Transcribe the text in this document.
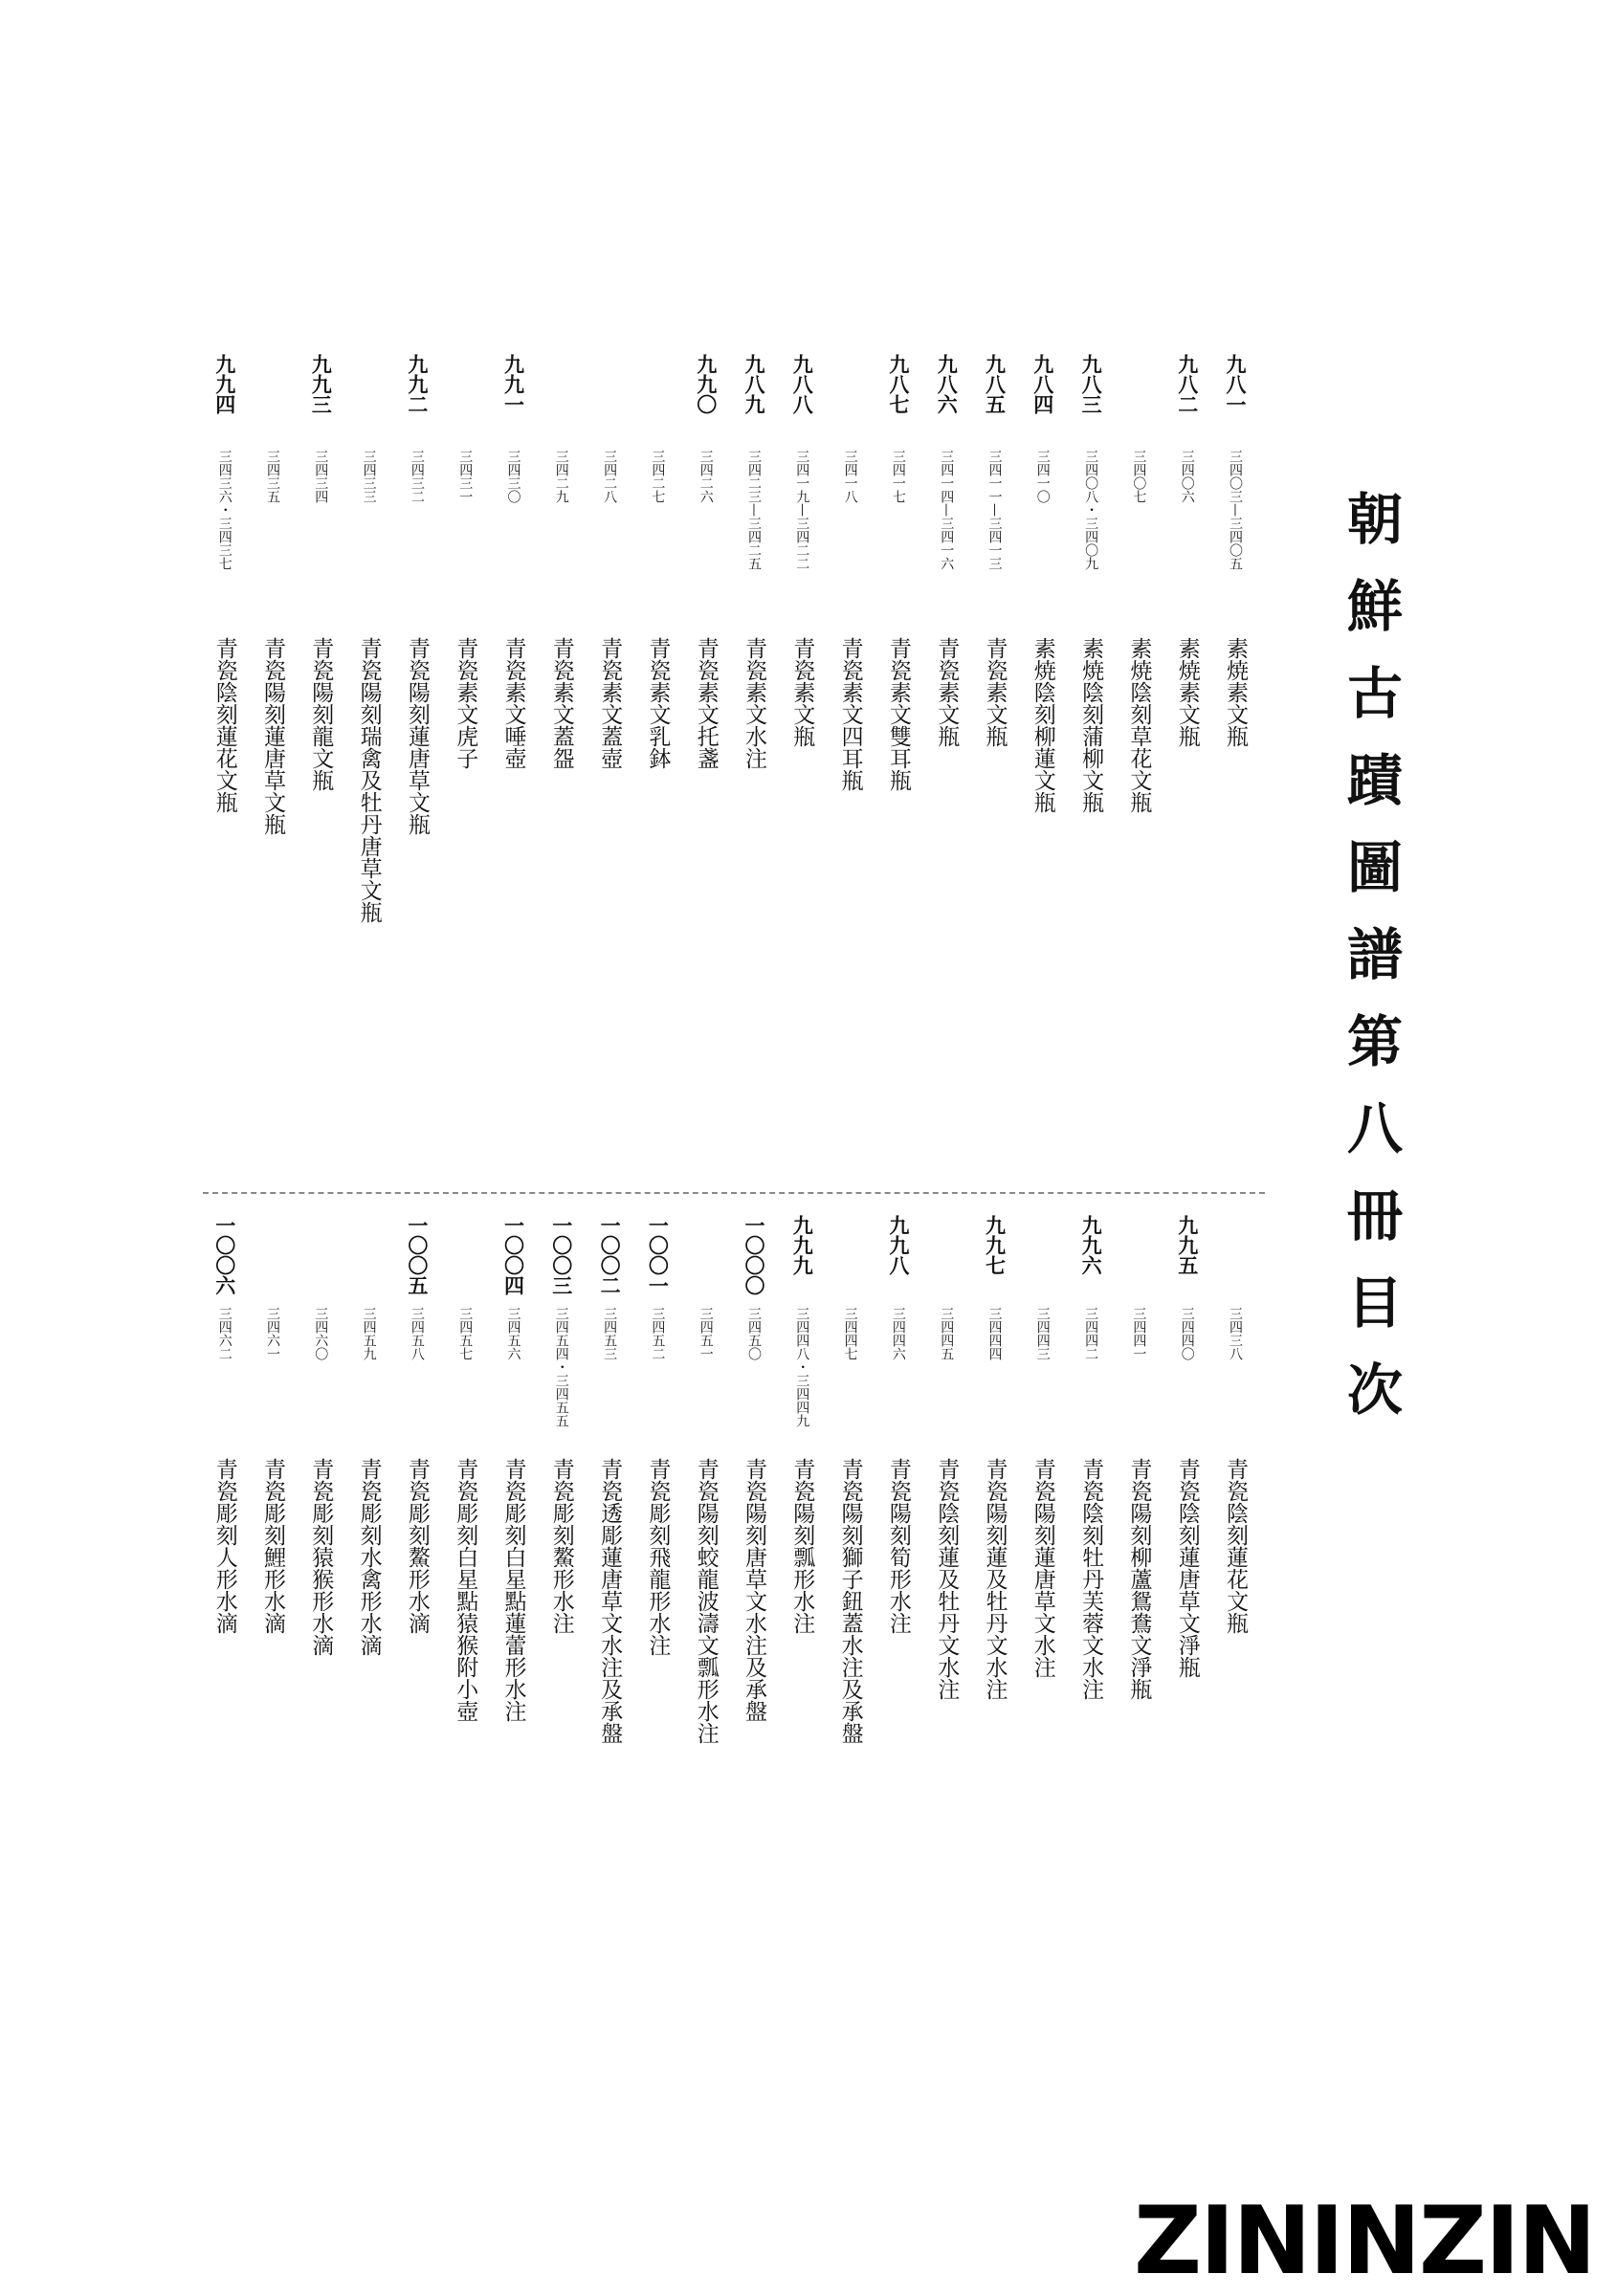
朝鮮古蹟圖譜第八冊目次
九八一
三四〇三—三四〇五
素焼素文瓶
九八二
三四〇六
素焼素文瓶
三四〇七
素焼陰刻草花文瓶
九八三
三四〇八・三四〇九
素焼陰刻蒲柳文瓶
九八四
三四一〇
素焼陰刻柳蓮文瓶
九八五
三四一一—三四一三
青瓷素文瓶
九八六
三四一四—三四一六
青瓷素文瓶
九八七
三四一七
青瓷素文雙耳瓶
三四一八
青瓷素文四耳瓶
九八八
三四一九—三四二二
青瓷素文瓶
九八九
三四二三—三四二五
青瓷素文水注
九九〇
三四二六
青瓷素文托盞
三四二七
青瓷素文乳鉢
三四二八
青瓷素文蓋壺
三四二九
青瓷素文蓋盌
九九一
三四三〇
青瓷素文唾壺
三四三一
青瓷素文虎子
九九二
三四三二
青瓷陽刻蓮唐草文瓶
三四三三
青瓷陽刻瑞禽及牡丹唐草文瓶
九九三
三四三四
青瓷陽刻龍文瓶
三四三五
青瓷陽刻蓮唐草文瓶
九九四
三四三六・三四三七
青瓷陰刻蓮花文瓶
三四三八
青瓷陰刻蓮花文瓶
九九五
三四四〇
青瓷陰刻蓮唐草文淨瓶
三四四一
青瓷陽刻柳蘆鴛鴦文淨瓶
九九六
三四四二
青瓷陰刻牡丹芙蓉文水注
三四四三
青瓷陽刻蓮唐草文水注
九九七
三四四四
青瓷陽刻蓮及牡丹文水注
三四四五
青瓷陰刻蓮及牡丹文水注
九九八
三四四六
青瓷陽刻筍形水注
三四四七
青瓷陽刻獅子鈕蓋水注及承盤
九九九
三四四八・三四四九
青瓷陽刻瓢形水注
一〇〇〇
三四五〇
青瓷陽刻唐草文水注及承盤
三四五一
青瓷陽刻蛟龍波濤文瓢形水注
一〇〇一
三四五二
青瓷彫刻飛龍形水注
一〇〇二
三四五三
青瓷透彫蓮唐草文水注及承盤
一〇〇三
三四五四・三四五五
青瓷彫刻鰲形水注
一〇〇四
三四五六
青瓷彫刻白星點蓮蕾形水注
三四五七
青瓷彫刻白星點猿猴附小壺
一〇〇五
三四五八
青瓷彫刻鰲形水滴
三四五九
青瓷彫刻水禽形水滴
三四六〇
青瓷彫刻猿猴形水滴
三四六一
青瓷彫刻鯉形水滴
一〇〇六
三四六二
青瓷彫刻人形水滴
ZININZIN
